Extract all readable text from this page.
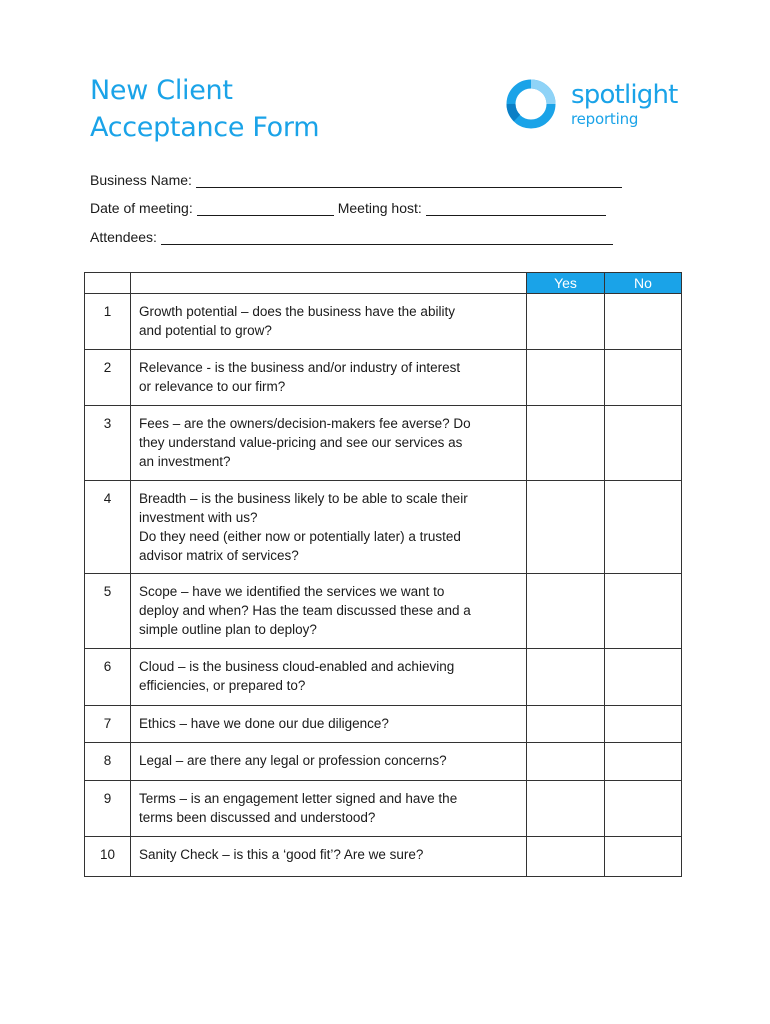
New Client
Acceptance Form
spotlight
reporting
Business Name:
Date of meeting:	Meeting host:
Attendees:
		Yes	No
1	Growth potential – does the business have the ability
and potential to grow?		
2	Relevance - is the business and/or industry of interest
or relevance to our firm?		
3	Fees – are the owners/decision-makers fee averse? Do
they understand value-pricing and see our services as
an investment?		
4	Breadth – is the business likely to be able to scale their
investment with us?
Do they need (either now or potentially later) a trusted
advisor matrix of services?		
5	Scope – have we identified the services we want to
deploy and when? Has the team discussed these and a
simple outline plan to deploy?		
6	Cloud – is the business cloud-enabled and achieving
efficiencies, or prepared to?		
7	Ethics – have we done our due diligence?		
8	Legal – are there any legal or profession concerns?		
9	Terms – is an engagement letter signed and have the
terms been discussed and understood?		
10	Sanity Check – is this a ‘good fit’? Are we sure?		
